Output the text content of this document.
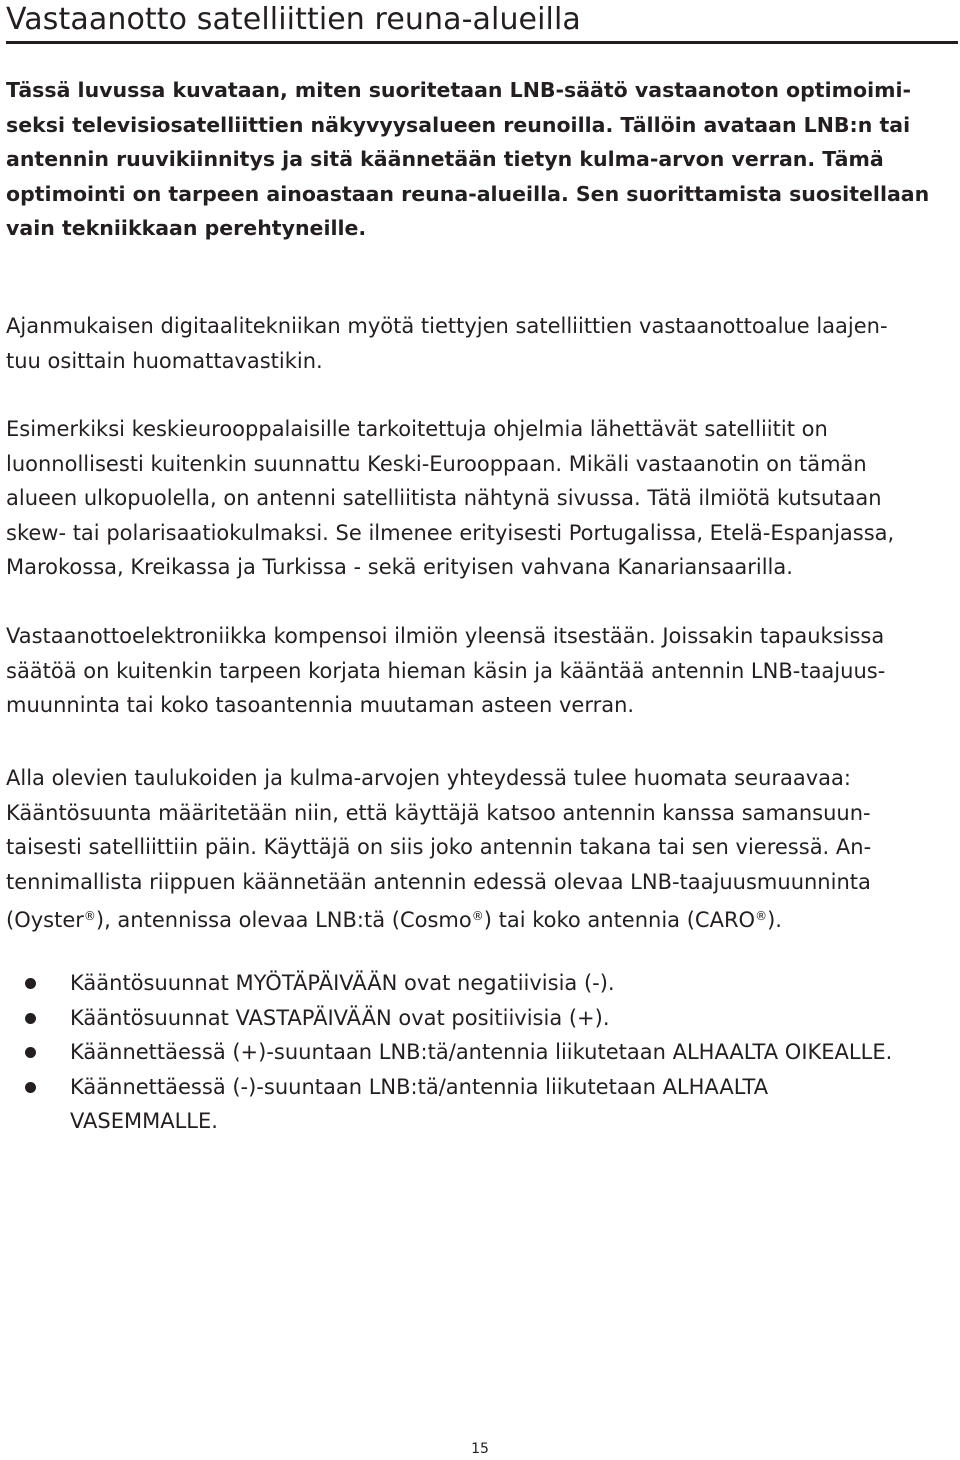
Vastaanotto satelliittien reuna-alueilla

Tässä luvussa kuvataan, miten suoritetaan LNB-säätö vastaanoton optimoimi-
seksi televisiosatelliittien näkyvyysalueen reunoilla. Tällöin avataan LNB:n tai
antennin ruuvikiinnitys ja sitä käännetään tietyn kulma-arvon verran. Tämä
optimointi on tarpeen ainoastaan reuna-alueilla. Sen suorittamista suositellaan
vain tekniikkaan perehtyneille.

Ajanmukaisen digitaalitekniikan myötä tiettyjen satelliittien vastaanottoalue laajen-
tuu osittain huomattavastikin.

Esimerkiksi keskieurooppalaisille tarkoitettuja ohjelmia lähettävät satelliitit on
luonnollisesti kuitenkin suunnattu Keski-Eurooppaan. Mikäli vastaanotin on tämän
alueen ulkopuolella, on antenni satelliitista nähtynä sivussa. Tätä ilmiötä kutsutaan
skew- tai polarisaatiokulmaksi. Se ilmenee erityisesti Portugalissa, Etelä-Espanjassa,
Marokossa, Kreikassa ja Turkissa - sekä erityisen vahvana Kanariansaarilla.

Vastaanottoelektroniikka kompensoi ilmiön yleensä itsestään. Joissakin tapauksissa
säätöä on kuitenkin tarpeen korjata hieman käsin ja kääntää antennin LNB-taajuus-
muunninta tai koko tasoantennia muutaman asteen verran.

Alla olevien taulukoiden ja kulma-arvojen yhteydessä tulee huomata seuraavaa:
Kääntösuunta määritetään niin, että käyttäjä katsoo antennin kanssa samansuun-
taisesti satelliittiin päin. Käyttäjä on siis joko antennin takana tai sen vieressä. An-
tennimallista riippuen käännetään antennin edessä olevaa LNB-taajuusmuunninta
(Oyster®), antennissa olevaa LNB:tä (Cosmo®) tai koko antennia (CARO®).

Kääntösuunnat MYÖTÄPÄIVÄÄN ovat negatiivisia (-).
Kääntösuunnat VASTAPÄIVÄÄN ovat positiivisia (+).
Käännettäessä (+)-suuntaan LNB:tä/antennia liikutetaan ALHAALTA OIKEALLE.
Käännettäessä (-)-suuntaan LNB:tä/antennia liikutetaan ALHAALTA
VASEMMALLE.
15
